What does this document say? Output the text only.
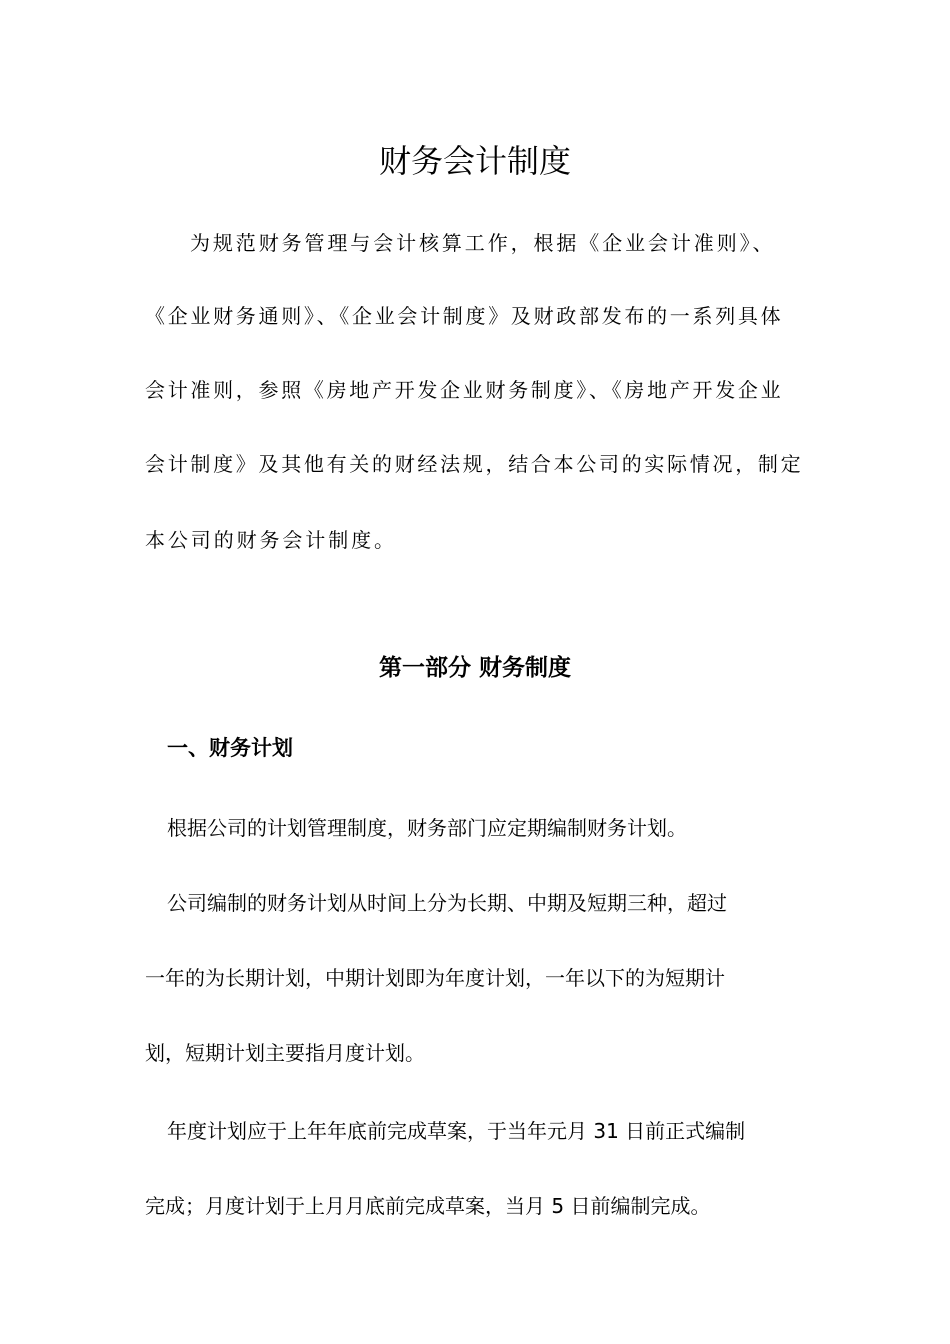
财务会计制度

为规范财务管理与会计核算工作，根据《企业会计准则》、

《企业财务通则》、《企业会计制度》及财政部发布的一系列具体

会计准则，参照《房地产开发企业财务制度》、《房地产开发企业

会计制度》及其他有关的财经法规，结合本公司的实际情况，制定

本公司的财务会计制度。

第一部分 财务制度
一、财务计划

根据公司的计划管理制度，财务部门应定期编制财务计划。

公司编制的财务计划从时间上分为长期、中期及短期三种，超过

一年的为长期计划，中期计划即为年度计划，一年以下的为短期计

划，短期计划主要指月度计划。

年度计划应于上年年底前完成草案，于当年元月 31 日前正式编制

完成；月度计划于上月月底前完成草案，当月 5 日前编制完成。
